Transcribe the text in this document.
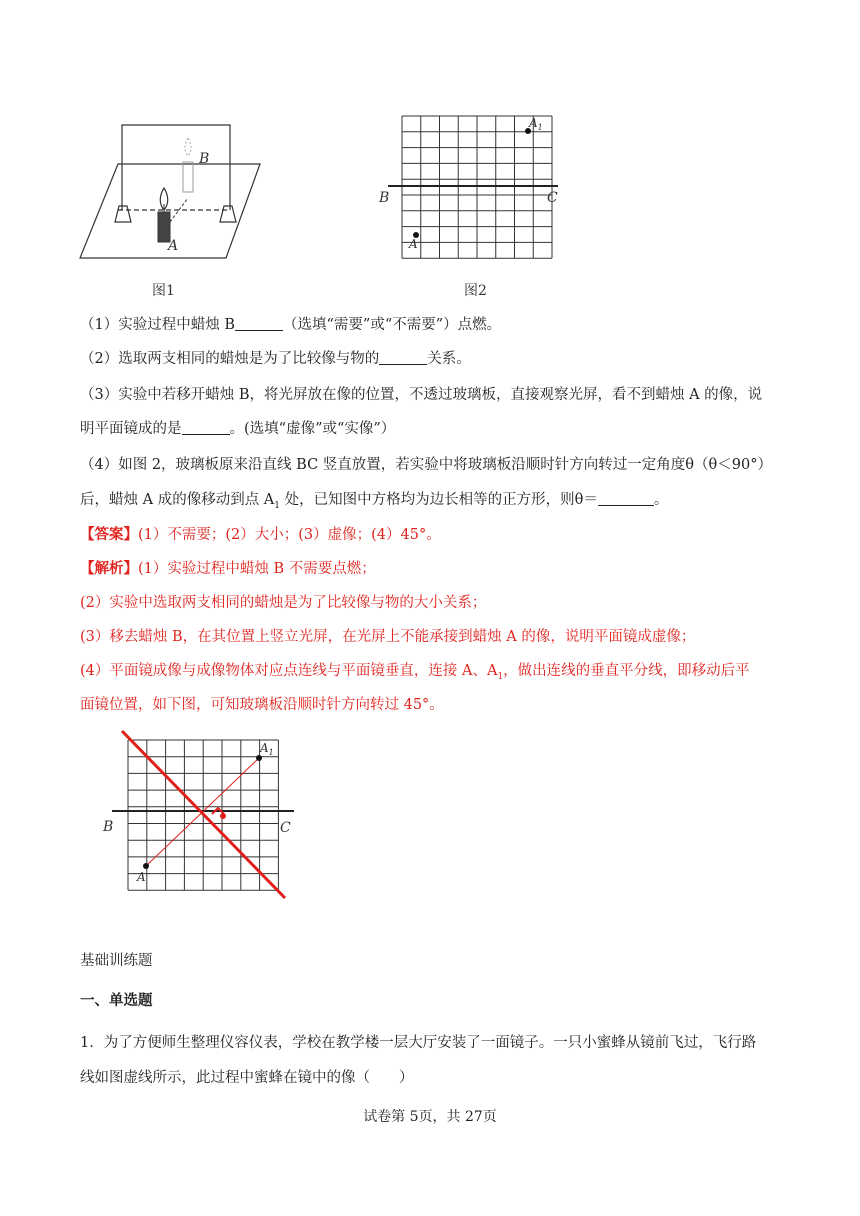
B
A
图1
$A_1$
A
B	C
图2
（1）实验过程中蜡烛 B	（选填“需要”或“不需要”）点燃。
（2）选取两支相同的蜡烛是为了比较像与物的	关系。
（3）实验中若移开蜡烛 B，将光屏放在像的位置，不透过玻璃板，直接观察光屏，看不到蜡烛 A 的像，说
明平面镜成的是	。(选填“虚像”或“实像”）
（4）如图 2，玻璃板原来沿直线 BC 竖直放置，若实验中将玻璃板沿顺时针方向转过一定角度θ（θ＜90°）
后，蜡烛 A 成的像移动到点 $A_1$ 处，已知图中方格均为边长相等的正方形，则θ＝	。
【答案】(1）不需要；(2）大小；(3）虚像；(4）45°。
【解析】(1）实验过程中蜡烛 B 不需要点燃；
(2）实验中选取两支相同的蜡烛是为了比较像与物的大小关系；
(3）移去蜡烛 B，在其位置上竖立光屏，在光屏上不能承接到蜡烛 A 的像，说明平面镜成虚像；
(4）平面镜成像与成像物体对应点连线与平面镜垂直，连接 A、$A_1$，做出连线的垂直平分线，即移动后平
面镜位置，如下图，可知玻璃板沿顺时针方向转过 45°。
$A_1$
A
B	C
基础训练题
一、单选题
1．为了方便师生整理仪容仪表，学校在教学楼一层大厅安装了一面镜子。一只小蜜蜂从镜前飞过，飞行路
线如图虚线所示，此过程中蜜蜂在镜中的像（　　）
试卷第 5页，共 27页
